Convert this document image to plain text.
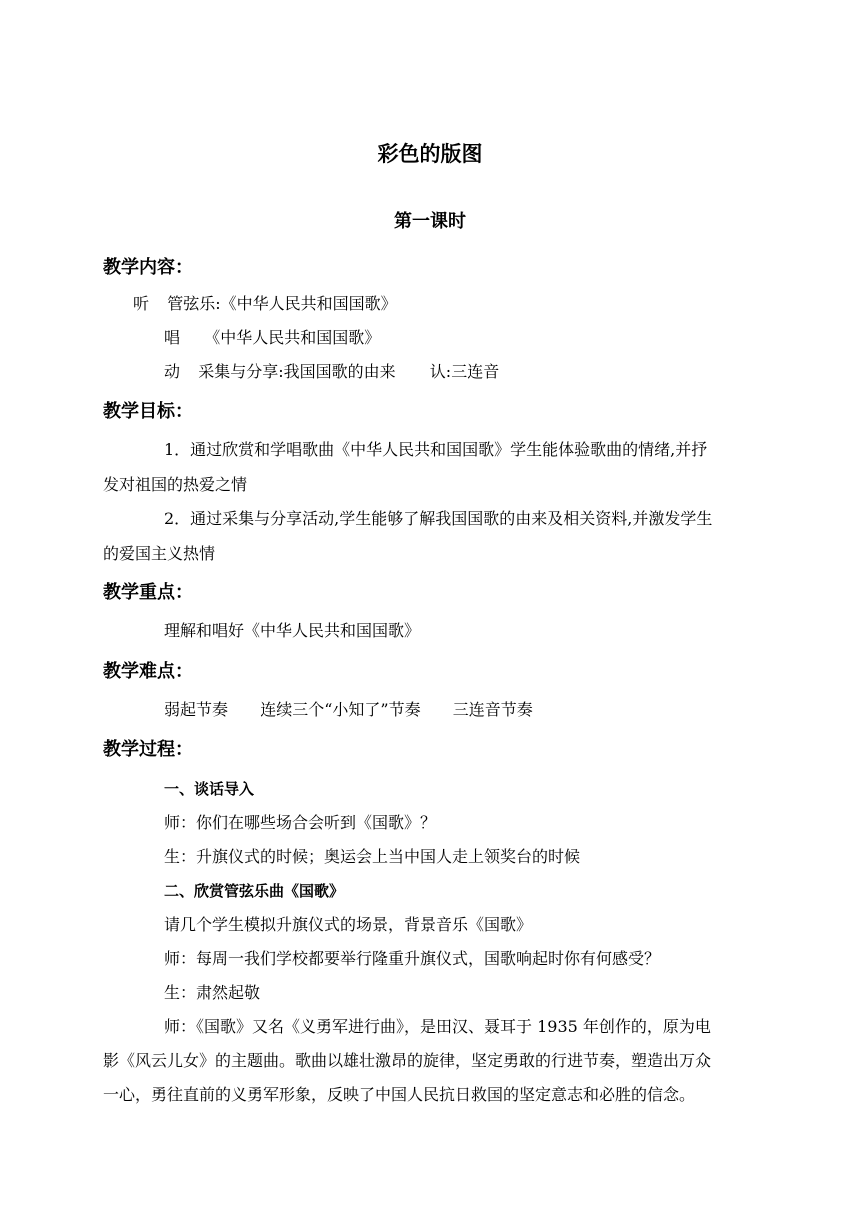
彩色的版图
第一课时
教学内容：
听 管弦乐:《中华人民共和国国歌》
唱 《中华人民共和国国歌》
动 采集与分享:我国国歌的由来 认:三连音
教学目标：
1．通过欣赏和学唱歌曲《中华人民共和国国歌》学生能体验歌曲的情绪,并抒
发对祖国的热爱之情
2．通过采集与分享活动,学生能够了解我国国歌的由来及相关资料,并激发学生
的爱国主义热情
教学重点：
理解和唱好《中华人民共和国国歌》
教学难点：
弱起节奏 连续三个“小知了”节奏 三连音节奏
教学过程：
一、谈话导入
师：你们在哪些场合会听到《国歌》？
生：升旗仪式的时候；奥运会上当中国人走上领奖台的时候
二、欣赏管弦乐曲《国歌》
请几个学生模拟升旗仪式的场景，背景音乐《国歌》
师：每周一我们学校都要举行隆重升旗仪式，国歌响起时你有何感受？
生：肃然起敬
师：《国歌》又名《义勇军进行曲》，是田汉、聂耳于 1935 年创作的，原为电
影《风云儿女》的主题曲。歌曲以雄壮激昂的旋律，坚定勇敢的行进节奏，塑造出万众
一心，勇往直前的义勇军形象，反映了中国人民抗日救国的坚定意志和必胜的信念。
